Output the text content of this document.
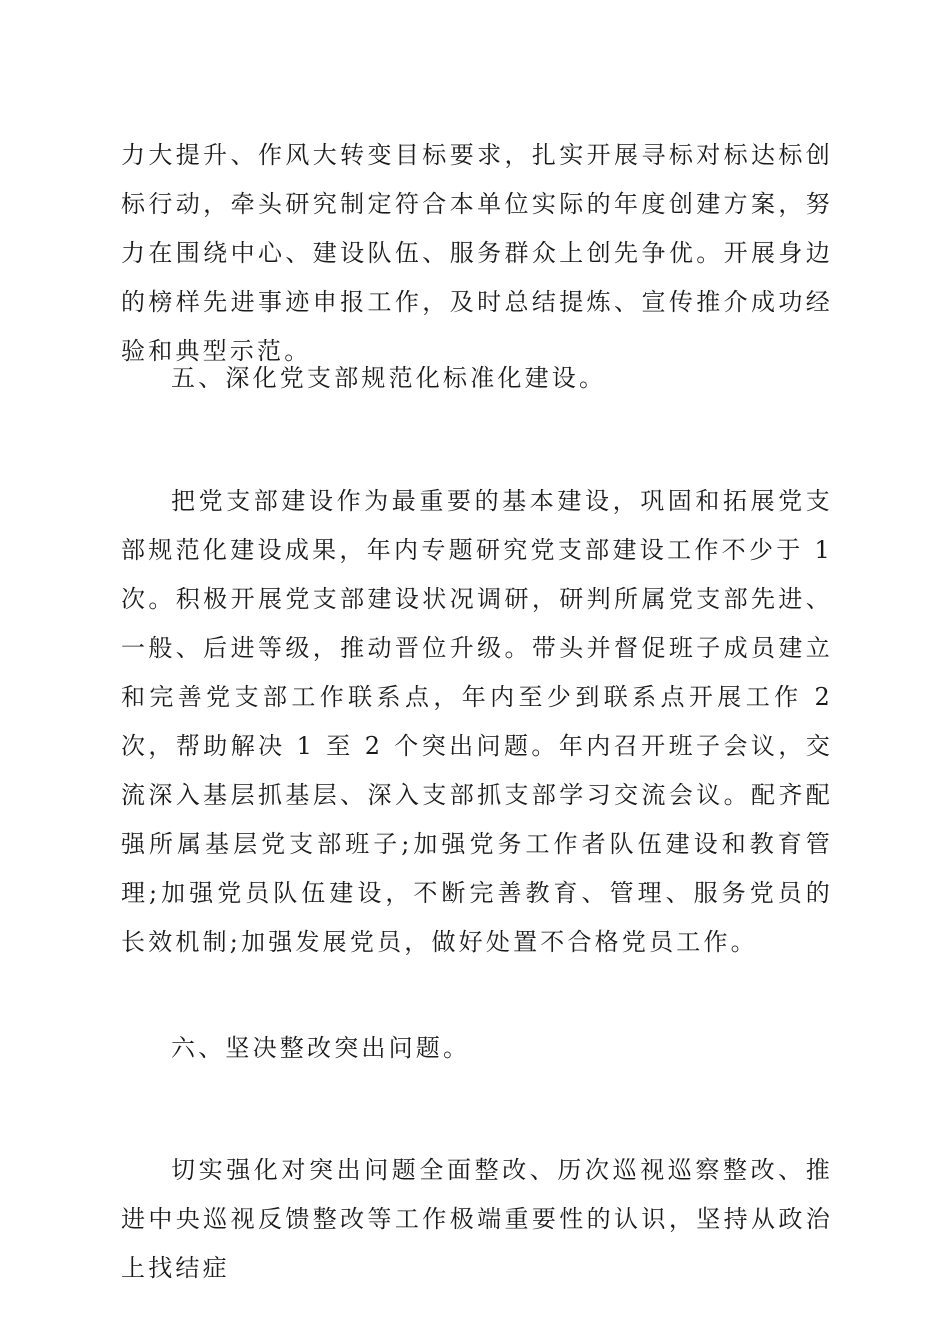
力大提升、作风大转变目标要求，扎实开展寻标对标达标创标行动，牵头研究制定符合本单位实际的年度创建方案，努力在围绕中心、建设队伍、服务群众上创先争优。开展身边的榜样先进事迹申报工作，及时总结提炼、宣传推介成功经验和典型示范。

五、深化党支部规范化标准化建设。

把党支部建设作为最重要的基本建设，巩固和拓展党支部规范化建设成果，年内专题研究党支部建设工作不少于 1 次。积极开展党支部建设状况调研，研判所属党支部先进、一般、后进等级，推动晋位升级。带头并督促班子成员建立和完善党支部工作联系点，年内至少到联系点开展工作 2 次，帮助解决 1 至 2 个突出问题。年内召开班子会议，交流深入基层抓基层、深入支部抓支部学习交流会议。配齐配强所属基层党支部班子;加强党务工作者队伍建设和教育管理;加强党员队伍建设，不断完善教育、管理、服务党员的长效机制;加强发展党员，做好处置不合格党员工作。

六、坚决整改突出问题。

切实强化对突出问题全面整改、历次巡视巡察整改、推进中央巡视反馈整改等工作极端重要性的认识，坚持从政治上找结症
